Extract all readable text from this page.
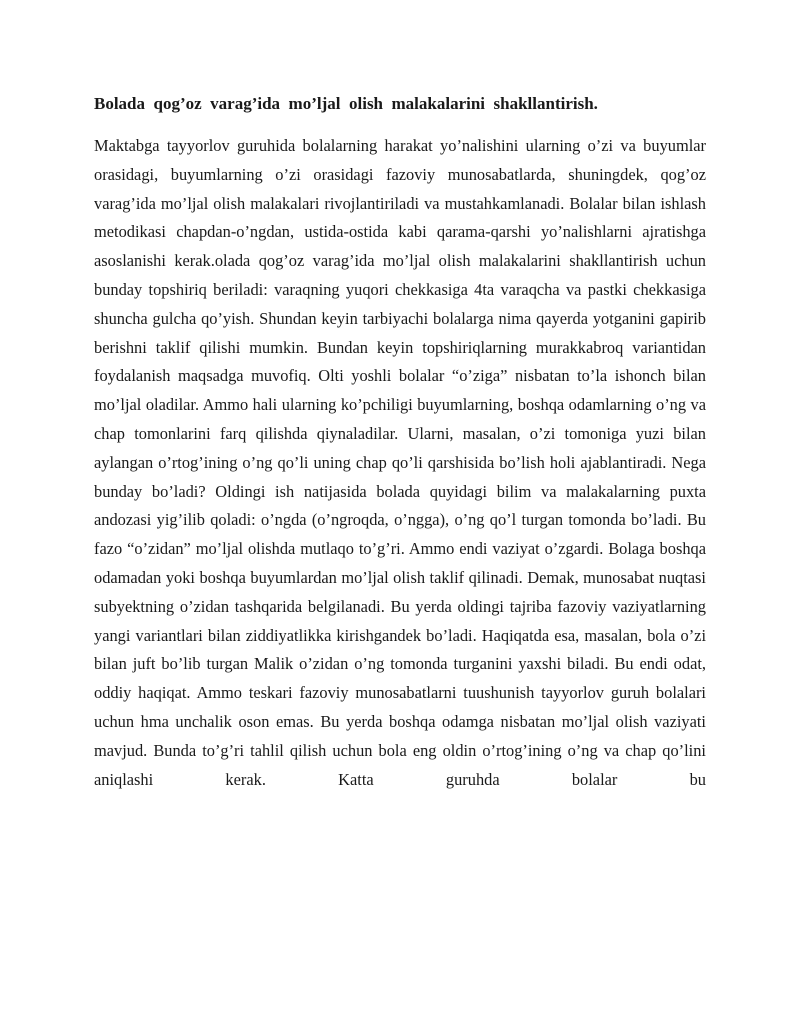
Bolada  qog’oz  varag’ida  mo’ljal  olish  malakalarini  shakllantirish.

Maktabga tayyorlov guruhida bolalarning harakat yo’nalishini ularning o’zi va buyumlar orasidagi, buyumlarning o’zi orasidagi fazoviy munosabatlarda, shuningdek, qog’oz varag’ida mo’ljal olish malakalari rivojlantiriladi va mustahkamlanadi. Bolalar bilan ishlash metodikasi chapdan-o’ngdan, ustida-ostida kabi qarama-qarshi yo’nalishlarni ajratishga asoslanishi kerak.olada qog’oz varag’ida mo’ljal olish malakalarini shakllantirish uchun bunday topshiriq beriladi: varaqning yuqori chekkasiga 4ta varaqcha va pastki chekkasiga shuncha gulcha qo’yish. Shundan keyin tarbiyachi bolalarga nima qayerda yotganini gapirib berishni taklif qilishi mumkin. Bundan keyin topshiriqlarning murakkabroq variantidan foydalanish maqsadga muvofiq. Olti yoshli bolalar “o’ziga” nisbatan to’la ishonch bilan mo’ljal oladilar. Ammo hali ularning ko’pchiligi buyumlarning, boshqa odamlarning o’ng va chap tomonlarini farq qilishda qiynaladilar. Ularni, masalan, o’zi tomoniga yuzi bilan aylangan o’rtog’ining o’ng qo’li uning chap qo’li qarshisida bo’lish holi ajablantiradi. Nega bunday bo’ladi? Oldingi ish natijasida bolada quyidagi bilim va malakalarning puxta andozasi yig’ilib qoladi: o’ngda (o’ngroqda, o’ngga), o’ng qo’l turgan tomonda bo’ladi. Bu fazo “o’zidan” mo’ljal olishda mutlaqo to’g’ri. Ammo endi vaziyat o’zgardi. Bolaga boshqa odamadan yoki boshqa buyumlardan mo’ljal olish taklif qilinadi. Demak, munosabat nuqtasi subyektning o’zidan tashqarida belgilanadi. Bu yerda oldingi tajriba fazoviy vaziyatlarning yangi variantlari bilan ziddiyatlikka kirishgandek bo’ladi. Haqiqatda esa, masalan, bola o’zi bilan juft bo’lib turgan Malik o’zidan o’ng tomonda turganini yaxshi biladi. Bu endi odat, oddiy haqiqat. Ammo teskari fazoviy munosabatlarni tuushunish tayyorlov guruh bolalari uchun hma unchalik oson emas. Bu yerda boshqa odamga nisbatan mo’ljal olish vaziyati mavjud. Bunda to’g’ri tahlil qilish uchun bola eng oldin o’rtog’ining o’ng va chap qo’lini aniqlashi kerak. Katta guruhda bolalar bu
